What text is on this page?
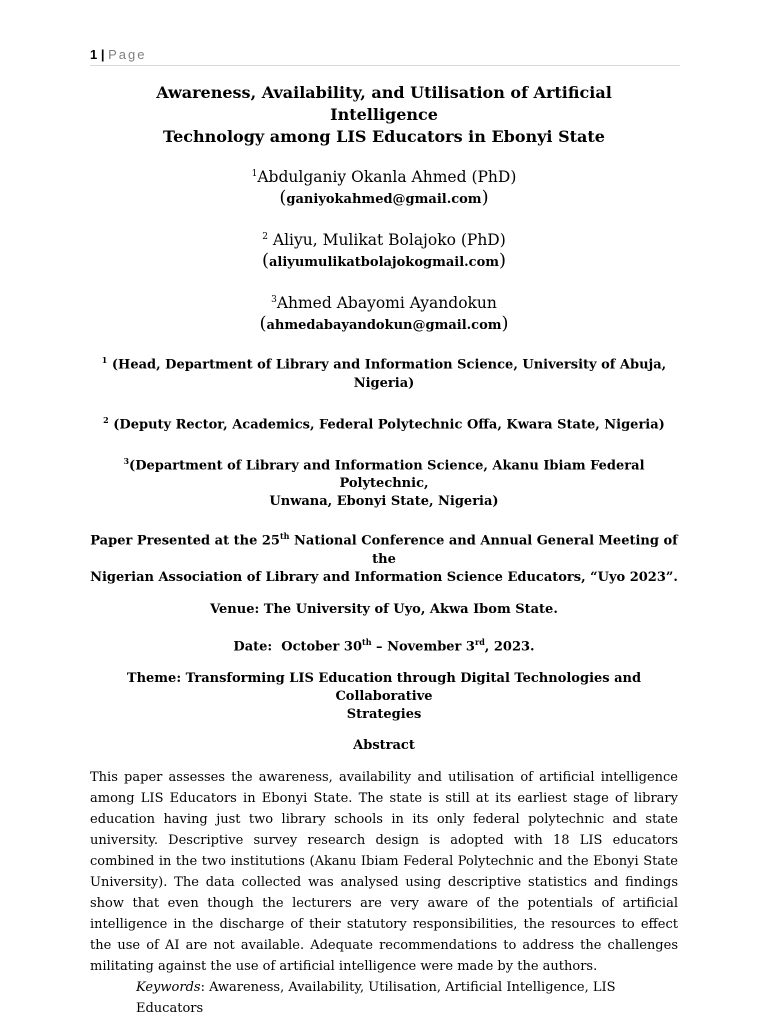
1 | Page
Awareness, Availability, and Utilisation of Artificial Intelligence
Technology among LIS Educators in Ebonyi State
$^1$Abdulganiy Okanla Ahmed (PhD)
(ganiyokahmed@gmail.com)
$^2$ Aliyu, Mulikat Bolajoko (PhD)
(aliyumulikatbolajokogmail.com)
$^3$Ahmed Abayomi Ayandokun
(ahmedabayandokun@gmail.com)
$^1$ (Head, Department of Library and Information Science, University of Abuja,
Nigeria)
$^2$ (Deputy Rector, Academics, Federal Polytechnic Offa, Kwara State, Nigeria)
$^3$(Department of Library and Information Science, Akanu Ibiam Federal Polytechnic,
Unwana, Ebonyi State, Nigeria)
Paper Presented at the 25th National Conference and Annual General Meeting of the
Nigerian Association of Library and Information Science Educators, “Uyo 2023”.
Venue: The University of Uyo, Akwa Ibom State.
Date:  October 30th – November 3rd, 2023.
Theme: Transforming LIS Education through Digital Technologies and Collaborative
Strategies
Abstract
This paper assesses the awareness, availability and utilisation of artificial intelligence among LIS Educators in Ebonyi State. The state is still at its earliest stage of library education having just two library schools in its only federal polytechnic and state university. Descriptive survey research design is adopted with 18 LIS educators combined in the two institutions (Akanu Ibiam Federal Polytechnic and the Ebonyi State University). The data collected was analysed using descriptive statistics and findings show that even though the lecturers are very aware of the potentials of artificial intelligence in the discharge of their statutory responsibilities, the resources to effect the use of AI are not available. Adequate recommendations to address the challenges militating against the use of artificial intelligence were made by the authors.
Keywords: Awareness, Availability, Utilisation, Artificial Intelligence, LIS Educators
